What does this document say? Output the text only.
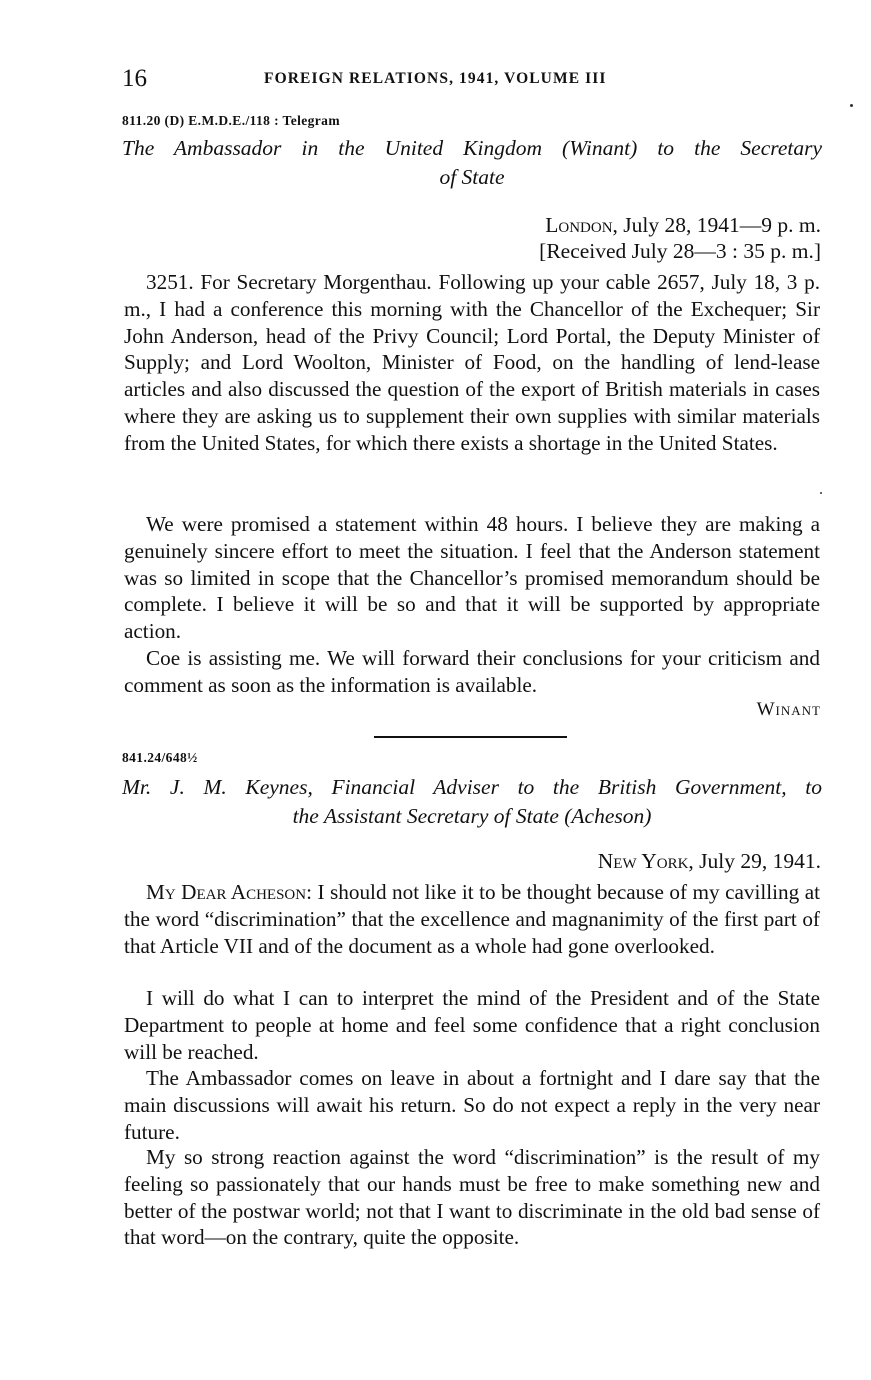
16	FOREIGN RELATIONS, 1941, VOLUME III
811.20 (D) E.M.D.E./118 : Telegram
The Ambassador in the United Kingdom (Winant) to the Secretary
of State
London, July 28, 1941—9 p. m.
[Received July 28—3 : 35 p. m.]
3251. For Secretary Morgenthau. Following up your cable 2657, July 18, 3 p. m., I had a conference this morning with the Chancellor of the Exchequer; Sir John Anderson, head of the Privy Council; Lord Portal, the Deputy Minister of Supply; and Lord Woolton, Minister of Food, on the handling of lend-lease articles and also discussed the question of the export of British materials in cases where they are asking us to supplement their own supplies with similar materials from the United States, for which there exists a shortage in the United States.
We were promised a statement within 48 hours. I believe they are making a genuinely sincere effort to meet the situation. I feel that the Anderson statement was so limited in scope that the Chancellor’s promised memorandum should be complete. I believe it will be so and that it will be supported by appropriate action.
Coe is assisting me. We will forward their conclusions for your criticism and comment as soon as the information is available.
Winant
841.24/648½
Mr. J. M. Keynes, Financial Adviser to the British Government, to
the Assistant Secretary of State (Acheson)
New York, July 29, 1941.
My Dear Acheson: I should not like it to be thought because of my cavilling at the word “discrimination” that the excellence and magnanimity of the first part of that Article VII and of the document as a whole had gone overlooked.
I will do what I can to interpret the mind of the President and of the State Department to people at home and feel some confidence that a right conclusion will be reached.
The Ambassador comes on leave in about a fortnight and I dare say that the main discussions will await his return. So do not expect a reply in the very near future.
My so strong reaction against the word “discrimination” is the result of my feeling so passionately that our hands must be free to make something new and better of the postwar world; not that I want to discriminate in the old bad sense of that word—on the contrary, quite the opposite.
